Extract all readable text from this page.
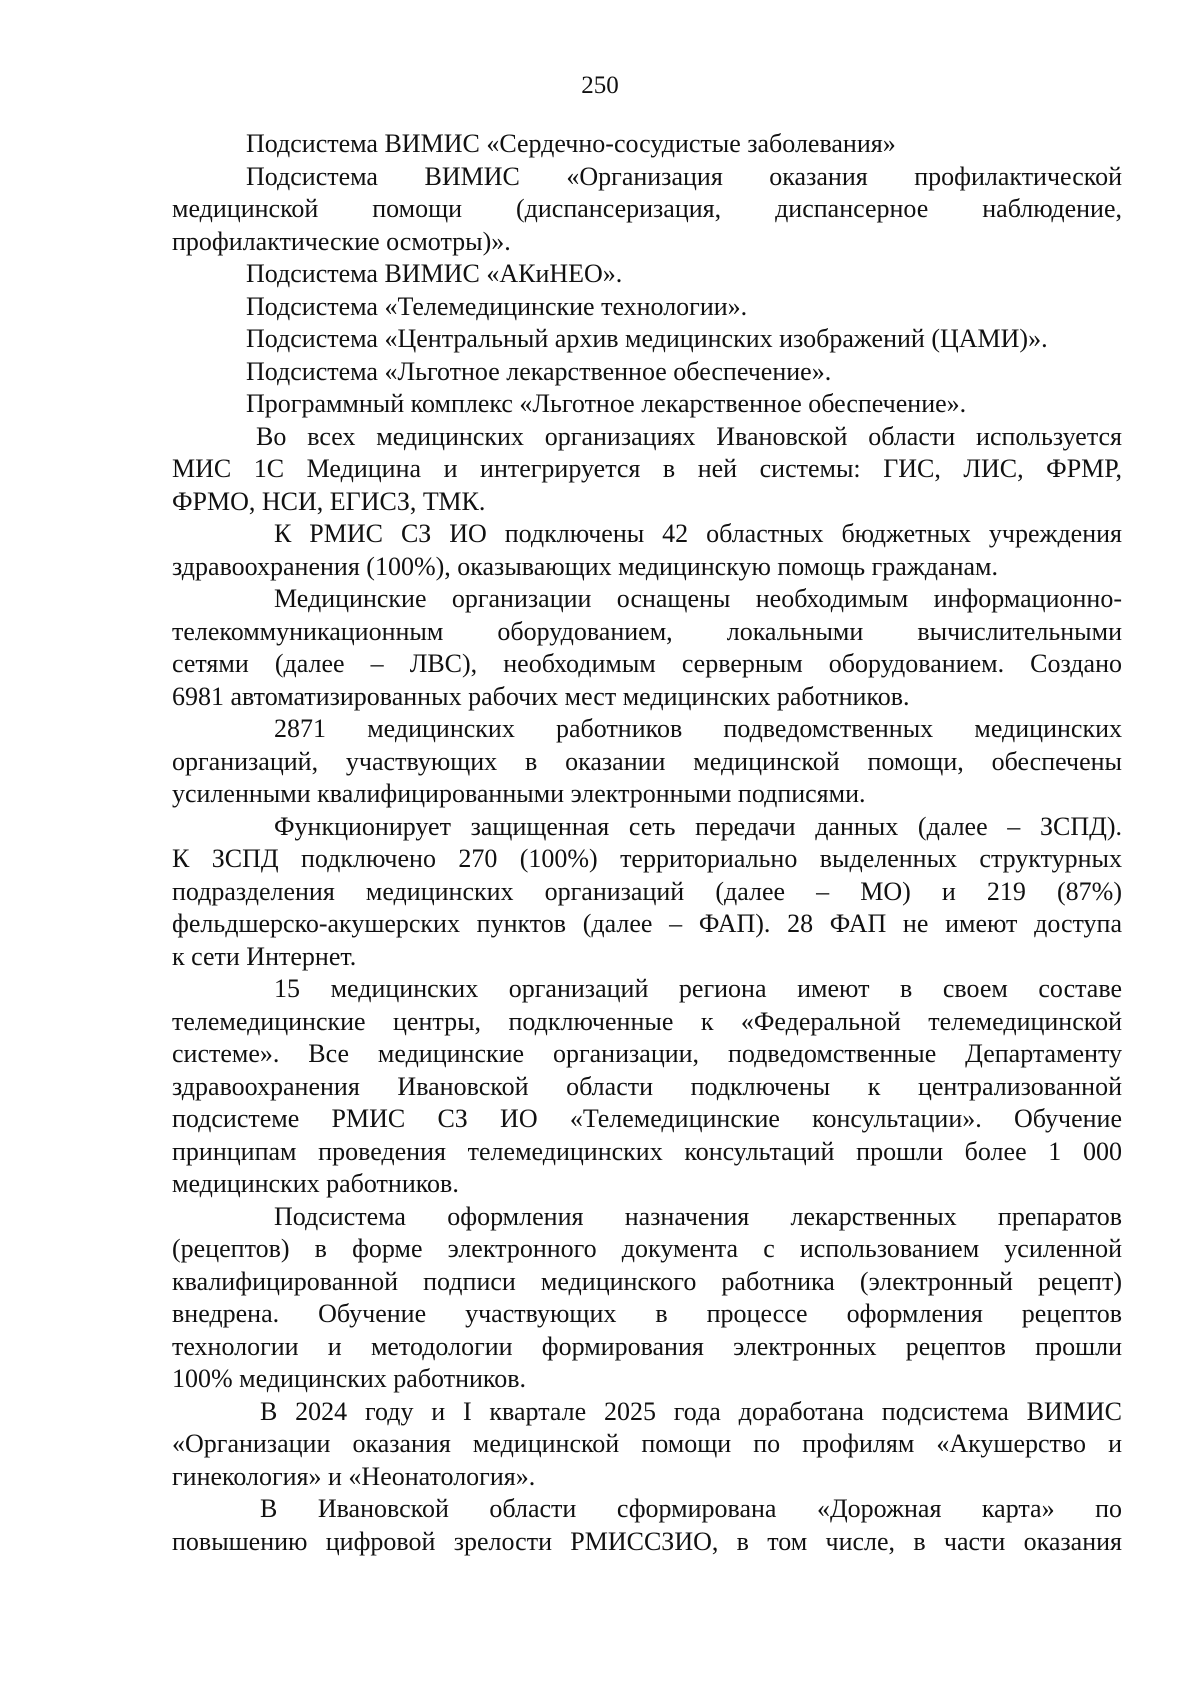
250
Подсистема ВИМИС «Сердечно-сосудистые заболевания»
Подсистема ВИМИС «Организация оказания профилактической
медицинской помощи (диспансеризация, диспансерное наблюдение,
профилактические осмотры)».
Подсистема ВИМИС «АКиНЕО».
Подсистема «Телемедицинские технологии».
Подсистема «Центральный архив медицинских изображений (ЦАМИ)».
Подсистема «Льготное лекарственное обеспечение».
Программный комплекс «Льготное лекарственное обеспечение».
Во всех медицинских организациях Ивановской области используется
МИС 1С Медицина и интегрируется в ней системы: ГИС, ЛИС, ФРМР,
ФРМО, НСИ, ЕГИСЗ, ТМК.
К РМИС СЗ ИО подключены 42 областных бюджетных учреждения
здравоохранения (100%), оказывающих медицинскую помощь гражданам.
Медицинские организации оснащены необходимым информационно-
телекоммуникационным оборудованием, локальными вычислительными
сетями (далее – ЛВС), необходимым серверным оборудованием. Создано
6981 автоматизированных рабочих мест медицинских работников.
2871 медицинских работников подведомственных медицинских
организаций, участвующих в оказании медицинской помощи, обеспечены
усиленными квалифицированными электронными подписями.
Функционирует защищенная сеть передачи данных (далее – ЗСПД).
К ЗСПД подключено 270 (100%) территориально выделенных структурных
подразделения медицинских организаций (далее – МО) и 219 (87%)
фельдшерско-акушерских пунктов (далее – ФАП). 28 ФАП не имеют доступа
к сети Интернет.
15 медицинских организаций региона имеют в своем составе
телемедицинские центры, подключенные к «Федеральной телемедицинской
системе». Все медицинские организации, подведомственные Департаменту
здравоохранения Ивановской области подключены к централизованной
подсистеме РМИС СЗ ИО «Телемедицинские консультации». Обучение
принципам проведения телемедицинских консультаций прошли более 1 000
медицинских работников.
Подсистема оформления назначения лекарственных препаратов
(рецептов) в форме электронного документа с использованием усиленной
квалифицированной подписи медицинского работника (электронный рецепт)
внедрена. Обучение участвующих в процессе оформления рецептов
технологии и методологии формирования электронных рецептов прошли
100% медицинских работников.
В 2024 году и I квартале 2025 года доработана подсистема ВИМИС
«Организации оказания медицинской помощи по профилям «Акушерство и
гинекология» и «Неонатология».
В Ивановской области сформирована «Дорожная карта» по
повышению цифровой зрелости РМИССЗИО, в том числе, в части оказания
